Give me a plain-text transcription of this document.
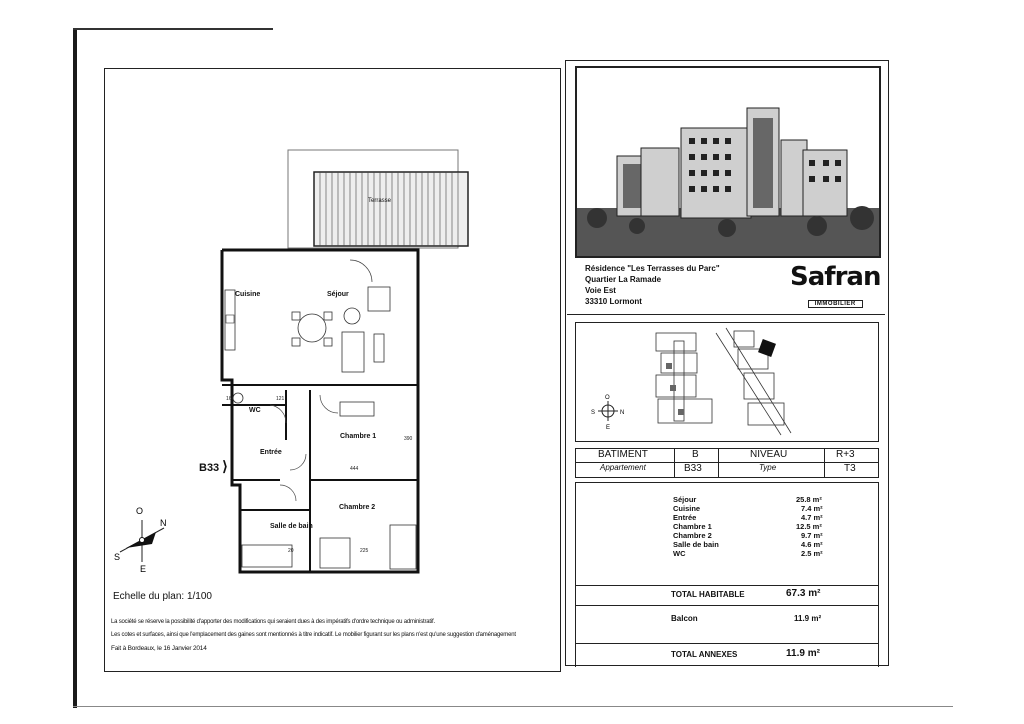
16	121
444
390
20	225
Terrasse
Cuisine	Séjour
WC
Entrée
Chambre 1
Chambre 2
Salle de bain
B33 ⟩
O
N
S
E
Echelle du plan: 1/100
La société se réserve la possibilité d'apporter des modifications qui seraient dues à des impératifs d'ordre technique ou administratif.
Les cotes et surfaces, ainsi que l'emplacement des gaines sont mentionnés à titre indicatif. Le mobilier figurant sur les plans n'est qu'une suggestion d'aménagement
Fait à Bordeaux, le 16 Janvier 2014
Résidence "Les Terrasses du Parc"
Quartier La Ramade
Voie Est
33310 Lormont
Safran
IMMOBILIER
O
N
S
E
BATIMENT	B	NIVEAU	R+3
Appartement	B33	Type	T3
Séjour	25.8 m²
Cuisine	7.4 m²
Entrée	4.7 m²
Chambre 1	12.5 m²
Chambre 2	9.7 m²
Salle de bain	4.6 m²
WC	2.5 m²
TOTAL HABITABLE	67.3 m²
Balcon	11.9 m²
TOTAL ANNEXES	11.9 m²
